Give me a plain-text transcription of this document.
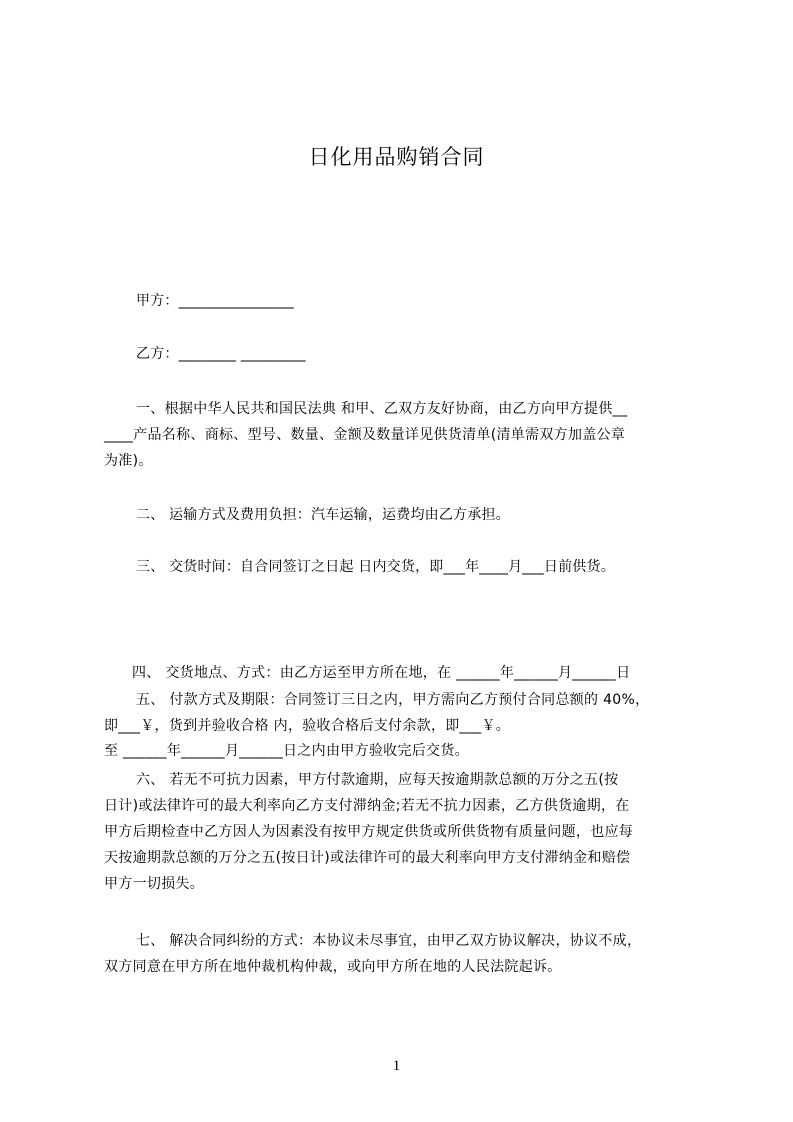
日化用品购销合同
甲方：________________
乙方：________ _________
一、根据中华人民共和国民法典 和甲、乙双方友好协商，由乙方向甲方提供__
____产品名称、商标、型号、数量、金额及数量详见供货清单(清单需双方加盖公章
为准)。
二、 运输方式及费用负担：汽车运输，运费均由乙方承担。
三、 交货时间：自合同签订之日起 日内交货，即___年____月___日前供货。

四、 交货地点、方式：由乙方运至甲方所在地，在 ______年______月______日

至 ______年______月______日之内由甲方验收完后交货。

五、 付款方式及期限：合同签订三日之内，甲方需向乙方预付合同总额的 40%，
即___￥，货到并验收合格 内，验收合格后支付余款，即___￥。
六、 若无不可抗力因素，甲方付款逾期，应每天按逾期款总额的万分之五(按
日计)或法律许可的最大利率向乙方支付滞纳金;若无不抗力因素，乙方供货逾期，在
甲方后期检查中乙方因人为因素没有按甲方规定供货或所供货物有质量问题，也应每
天按逾期款总额的万分之五(按日计)或法律许可的最大利率向甲方支付滞纳金和赔偿
甲方一切损失。
七、 解决合同纠纷的方式：本协议未尽事宜，由甲乙双方协议解决，协议不成，
双方同意在甲方所在地仲裁机构仲裁，或向甲方所在地的人民法院起诉。
1
